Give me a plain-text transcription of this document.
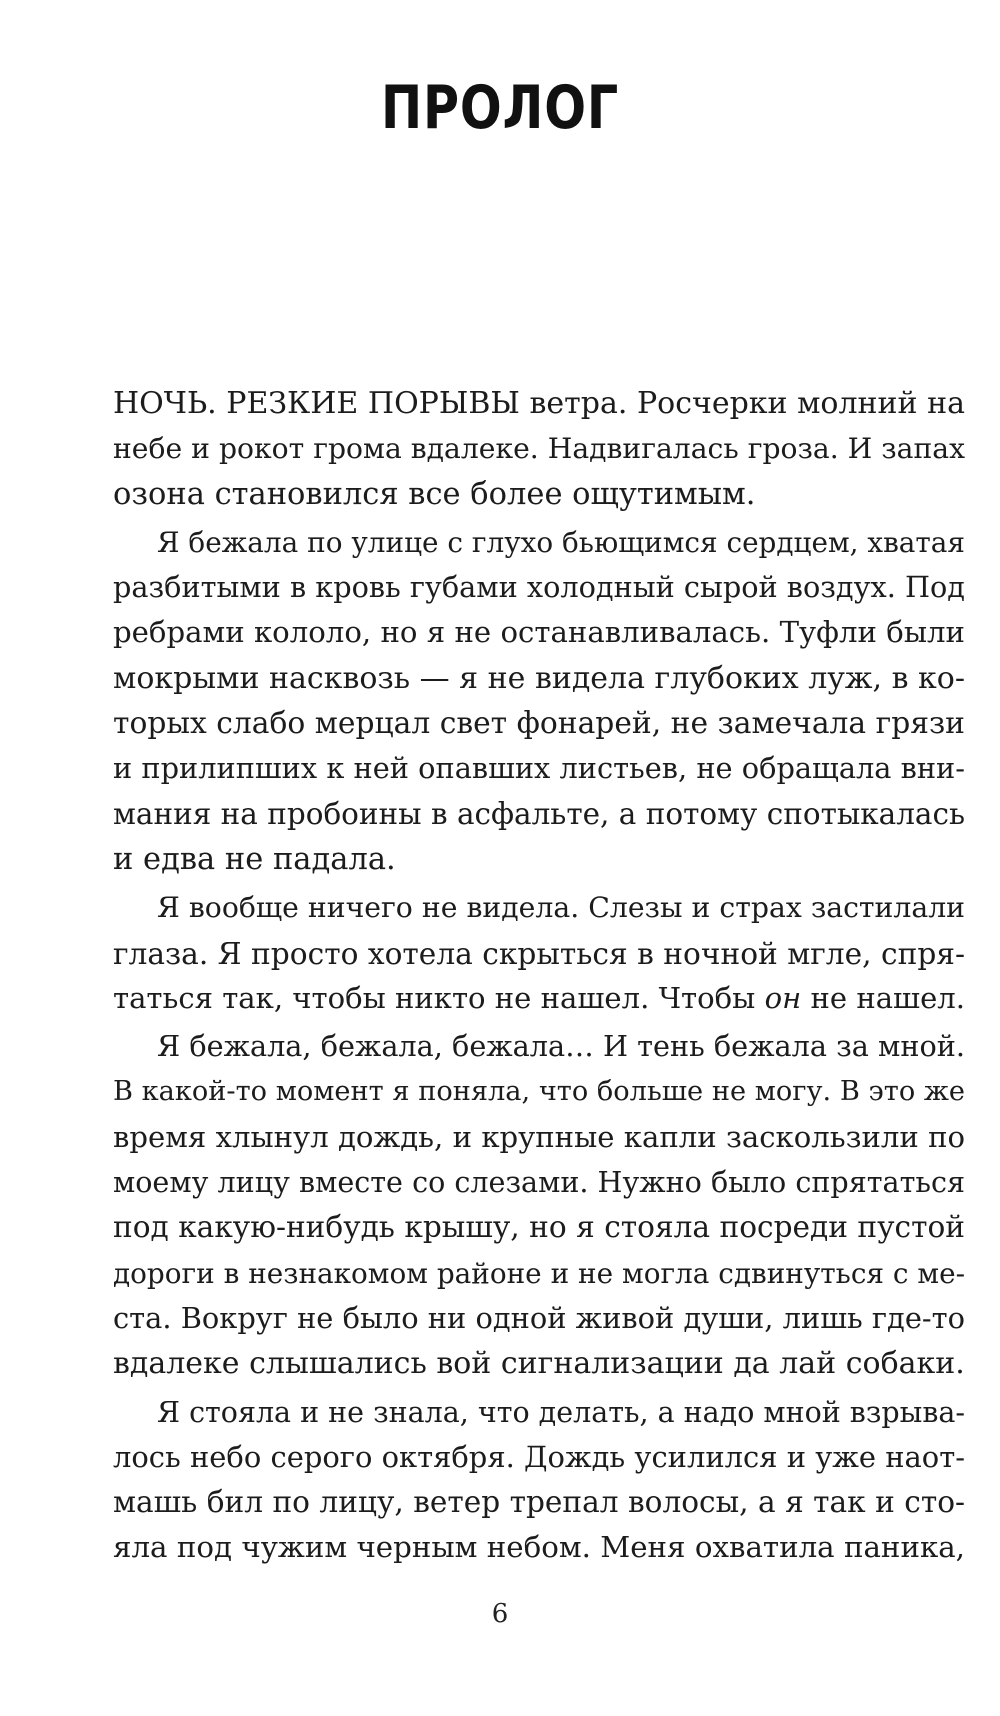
ПРОЛОГ
НОЧЬ. РЕЗКИЕ ПОРЫВЫ ветра. Росчерки молний на
небе и рокот грома вдалеке. Надвигалась гроза. И запах
озона становился все более ощутимым.
Я бежала по улице с глухо бьющимся сердцем, хватая
разбитыми в кровь губами холодный сырой воздух. Под
ребрами кололо, но я не останавливалась. Туфли были
мокрыми насквозь — я не видела глубоких луж, в ко-
торых слабо мерцал свет фонарей, не замечала грязи
и прилипших к ней опавших листьев, не обращала вни-
мания на пробоины в асфальте, а потому спотыкалась
и едва не падала.
Я вообще ничего не видела. Слезы и страх застилали
глаза. Я просто хотела скрыться в ночной мгле, спря-
таться так, чтобы никто не нашел. Чтобы он не нашел.
Я бежала, бежала, бежала… И тень бежала за мной.
В какой-то момент я поняла, что больше не могу. В это же
время хлынул дождь, и крупные капли заскользили по
моему лицу вместе со слезами. Нужно было спрятаться
под какую-нибудь крышу, но я стояла посреди пустой
дороги в незнакомом районе и не могла сдвинуться с ме-
ста. Вокруг не было ни одной живой души, лишь где-то
вдалеке слышались вой сигнализации да лай собаки.
Я стояла и не знала, что делать, а надо мной взрыва-
лось небо серого октября. Дождь усилился и уже наот-
машь бил по лицу, ветер трепал волосы, а я так и сто-
яла под чужим черным небом. Меня охватила паника,
6
